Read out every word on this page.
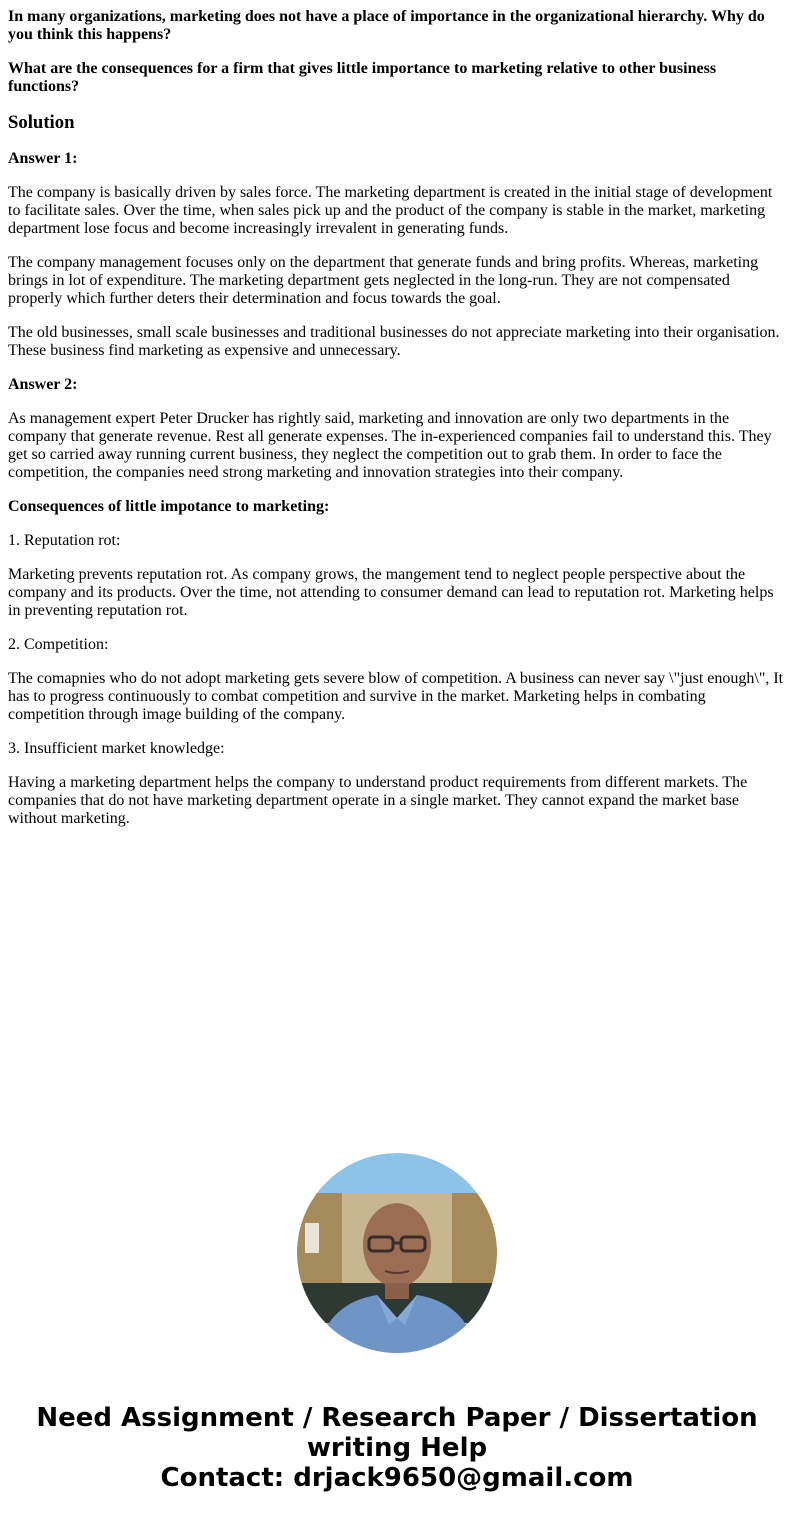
In many organizations, marketing does not have a place of importance in the organizational hierarchy. Why do you think this happens?

What are the consequences for a firm that gives little importance to marketing relative to other business functions?

Solution

Answer 1:

The company is basically driven by sales force. The marketing department is created in the initial stage of development to facilitate sales. Over the time, when sales pick up and the product of the company is stable in the market, marketing department lose focus and become increasingly irrevalent in generating funds.

The company management focuses only on the department that generate funds and bring profits. Whereas, marketing brings in lot of expenditure. The marketing department gets neglected in the long-run. They are not compensated properly which further deters their determination and focus towards the goal.

The old businesses, small scale businesses and traditional businesses do not appreciate marketing into their organisation. These business find marketing as expensive and unnecessary.

Answer 2:

As management expert Peter Drucker has rightly said, marketing and innovation are only two departments in the company that generate revenue. Rest all generate expenses. The in-experienced companies fail to understand this. They get so carried away running current business, they neglect the competition out to grab them. In order to face the competition, the companies need strong marketing and innovation strategies into their company.

Consequences of little impotance to marketing:

1. Reputation rot:

Marketing prevents reputation rot. As company grows, the mangement tend to neglect people perspective about the company and its products. Over the time, not attending to consumer demand can lead to reputation rot. Marketing helps in preventing reputation rot.

2. Competition:

The comapnies who do not adopt marketing gets severe blow of competition. A business can never say \"just enough\", It has to progress continuously to combat competition and survive in the market. Marketing helps in combating competition through image building of the company.

3. Insufficient market knowledge:

Having a marketing department helps the company to understand product requirements from different markets. The companies that do not have marketing department operate in a single market. They cannot expand the market base without marketing.

Need Assignment / Research Paper / Dissertation
writing Help
Contact: drjack9650@gmail.com
